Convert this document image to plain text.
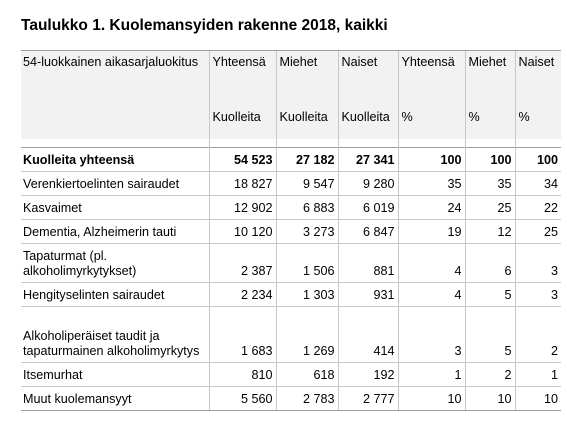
Taulukko 1. Kuolemansyiden rakenne 2018, kaikki
54-luokkainen aikasarjaluokitus	Yhteensä	Miehet	Naiset	Yhteensä	Miehet	Naiset
	Kuolleita	Kuolleita	Kuolleita	%	%	%

Kuolleita yhteensä	54 523	27 182	27 341	100	100	100
Verenkiertoelinten sairaudet	18 827	9 547	9 280	35	35	34
Kasvaimet	12 902	6 883	6 019	24	25	22
Dementia, Alzheimerin tauti	10 120	3 273	6 847	19	12	25
Tapaturmat (pl. alkoholimyrkytykset)	2 387	1 506	881	4	6	3
Hengityselinten sairaudet	2 234	1 303	931	4	5	3
Alkoholiperäiset taudit ja tapaturmainen alkoholimyrkytys	1 683	1 269	414	3	5	2
Itsemurhat	810	618	192	1	2	1
Muut kuolemansyyt	5 560	2 783	2 777	10	10	10
